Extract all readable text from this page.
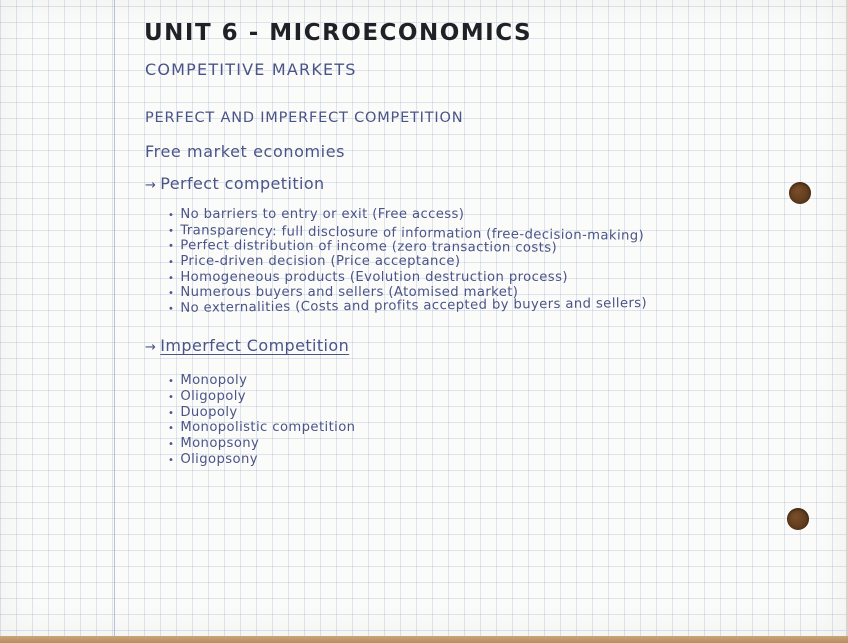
UNIT 6 - MICROECONOMICS
COMPETITIVE MARKETS
PERFECT AND IMPERFECT COMPETITION
Free market economies
→ Perfect competition
• No barriers to entry or exit (Free access)
• Transparency: full disclosure of information (free-decision-making)
• Perfect distribution of income (zero transaction costs)
• Price-driven decision (Price acceptance)
• Homogeneous products (Evolution destruction process)
• Numerous buyers and sellers (Atomised market)
• No externalities (Costs and profits accepted by buyers and sellers)
→ Imperfect Competition
• Monopoly
• Oligopoly
• Duopoly
• Monopolistic competition
• Monopsony
• Oligopsony
